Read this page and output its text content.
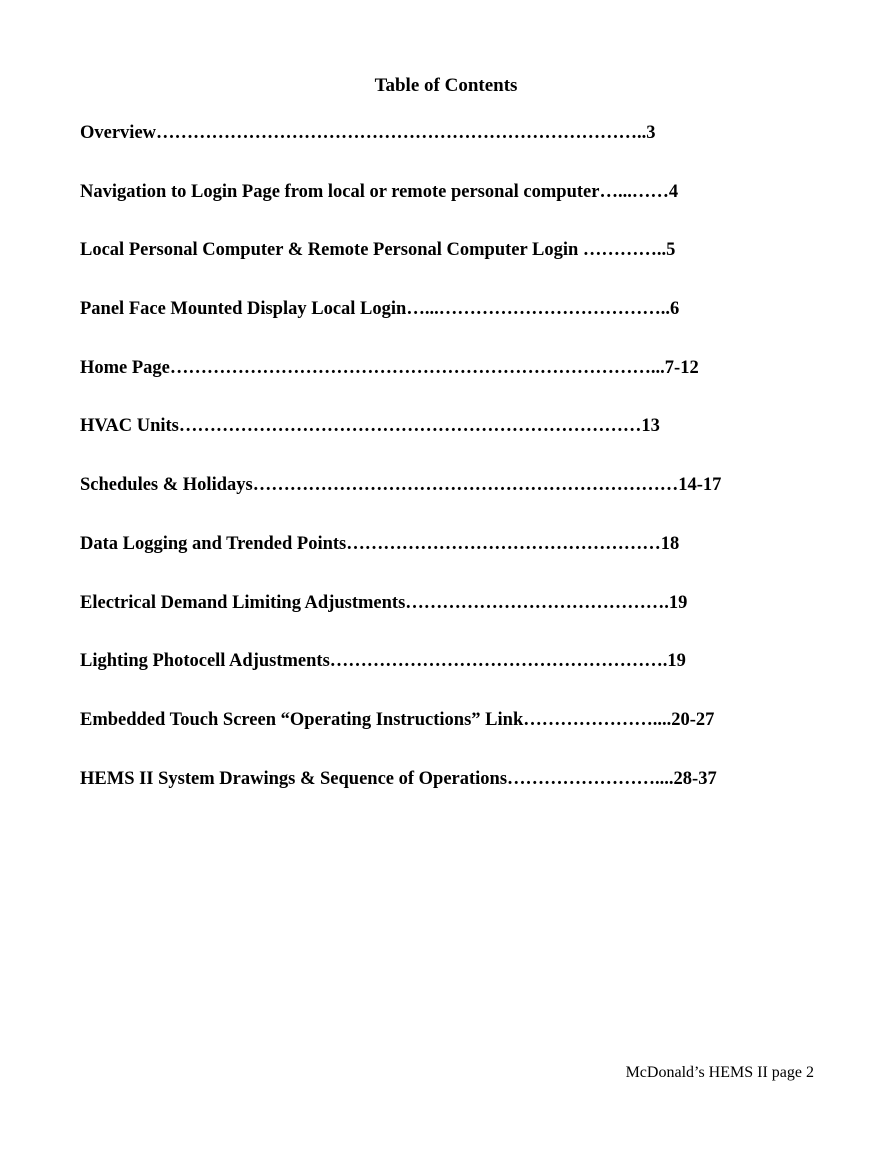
Table of Contents
Overview……………………………………………………………………..3
Navigation to Login Page from local or remote personal computer…...……4
Local Personal Computer & Remote Personal Computer Login …………..5
Panel Face Mounted Display Local Login…...………………………………..6
Home Page……………………………………………………………………...7-12
HVAC Units…………………………………………………………………13
Schedules & Holidays……………………………………………………………14-17
Data Logging and Trended Points……………………………………………18
Electrical Demand Limiting Adjustments…………………………………….19
Lighting Photocell Adjustments……………………………………………….19
Embedded Touch Screen “Operating Instructions” Link…………………....20-27
HEMS II System Drawings & Sequence of Operations……………………....28-37
McDonald’s HEMS II page 2
